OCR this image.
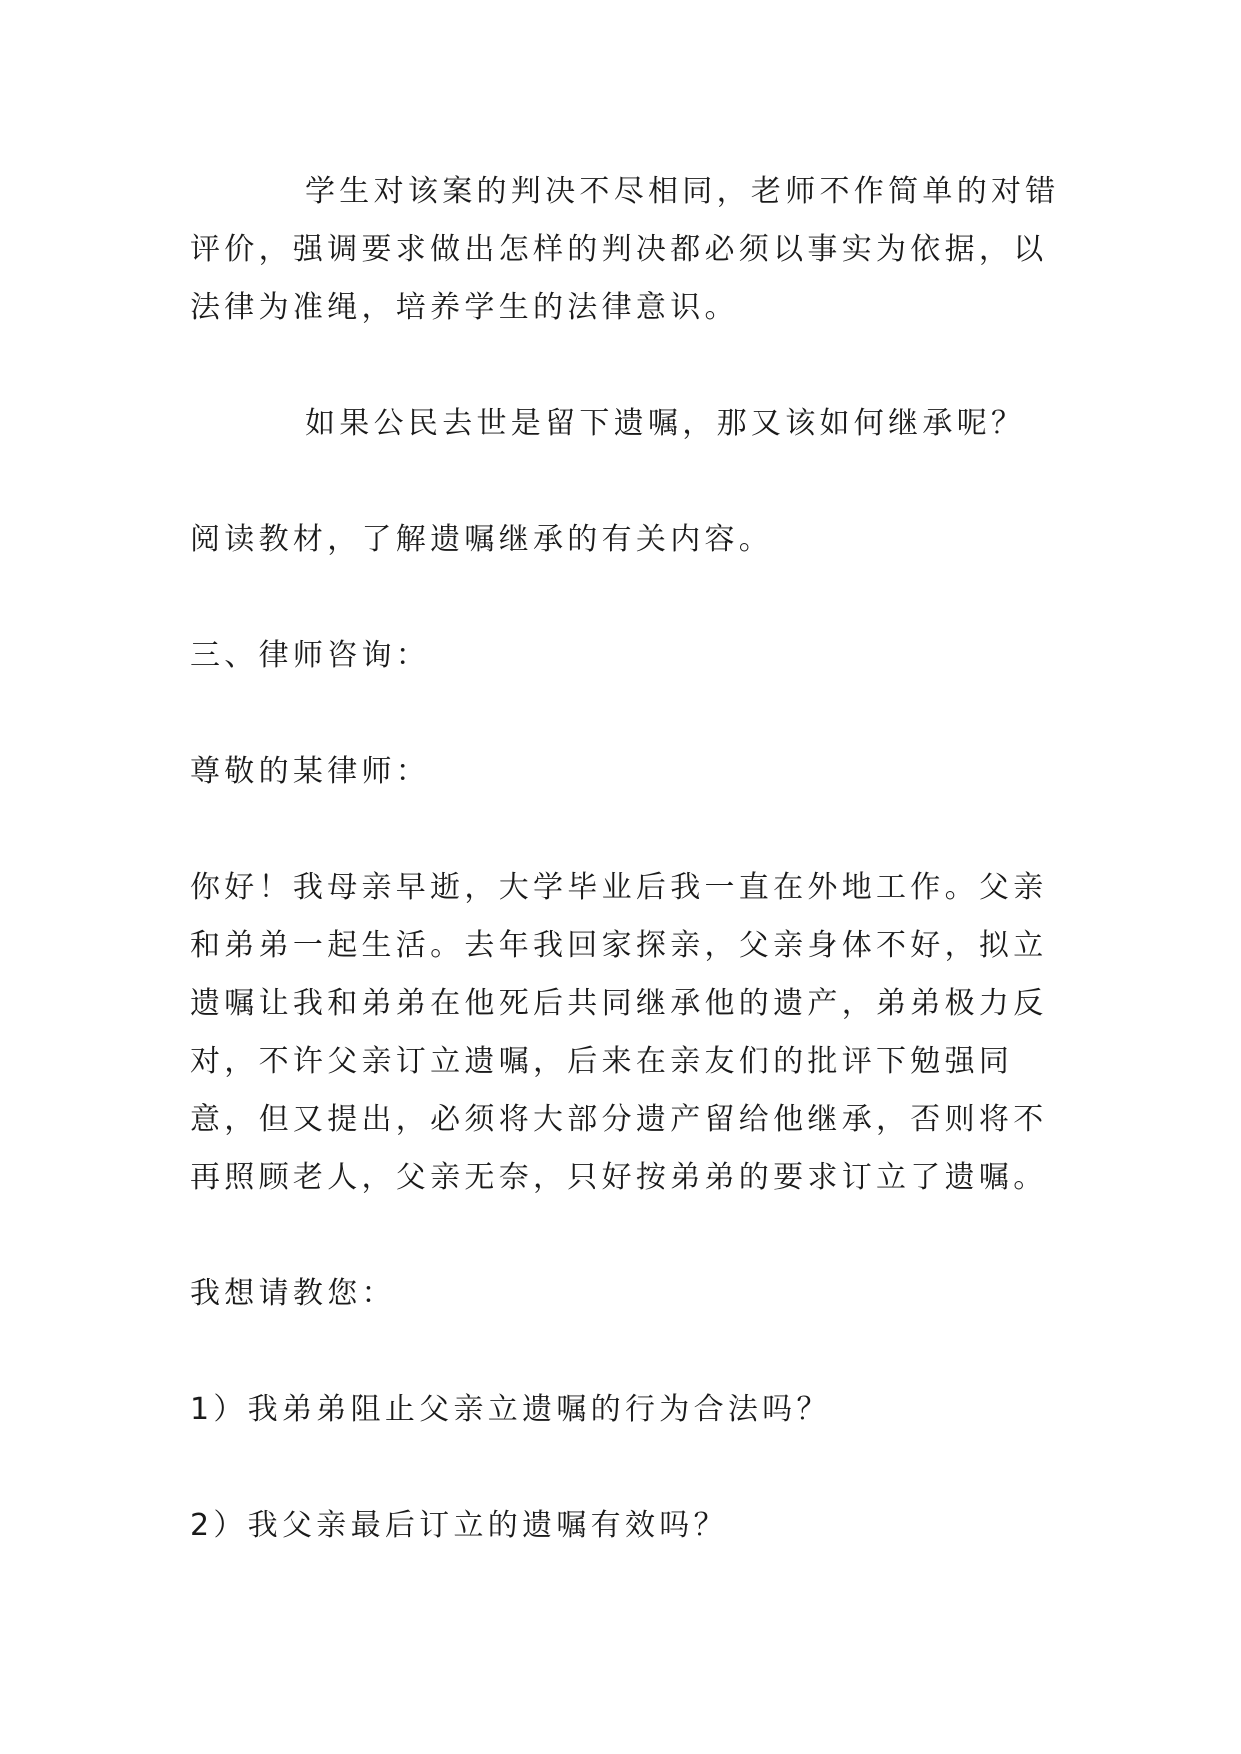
学生对该案的判决不尽相同，老师不作简单的对错评价，强调要求做出怎样的判决都必须以事实为依据，以法律为准绳，培养学生的法律意识。

如果公民去世是留下遗嘱，那又该如何继承呢？

阅读教材，了解遗嘱继承的有关内容。

三、律师咨询：

尊敬的某律师：

你好！我母亲早逝，大学毕业后我一直在外地工作。父亲和弟弟一起生活。去年我回家探亲，父亲身体不好，拟立遗嘱让我和弟弟在他死后共同继承他的遗产，弟弟极力反对，不许父亲订立遗嘱，后来在亲友们的批评下勉强同意，但又提出，必须将大部分遗产留给他继承，否则将不再照顾老人，父亲无奈，只好按弟弟的要求订立了遗嘱。

我想请教您：

1）我弟弟阻止父亲立遗嘱的行为合法吗？

2）我父亲最后订立的遗嘱有效吗？
